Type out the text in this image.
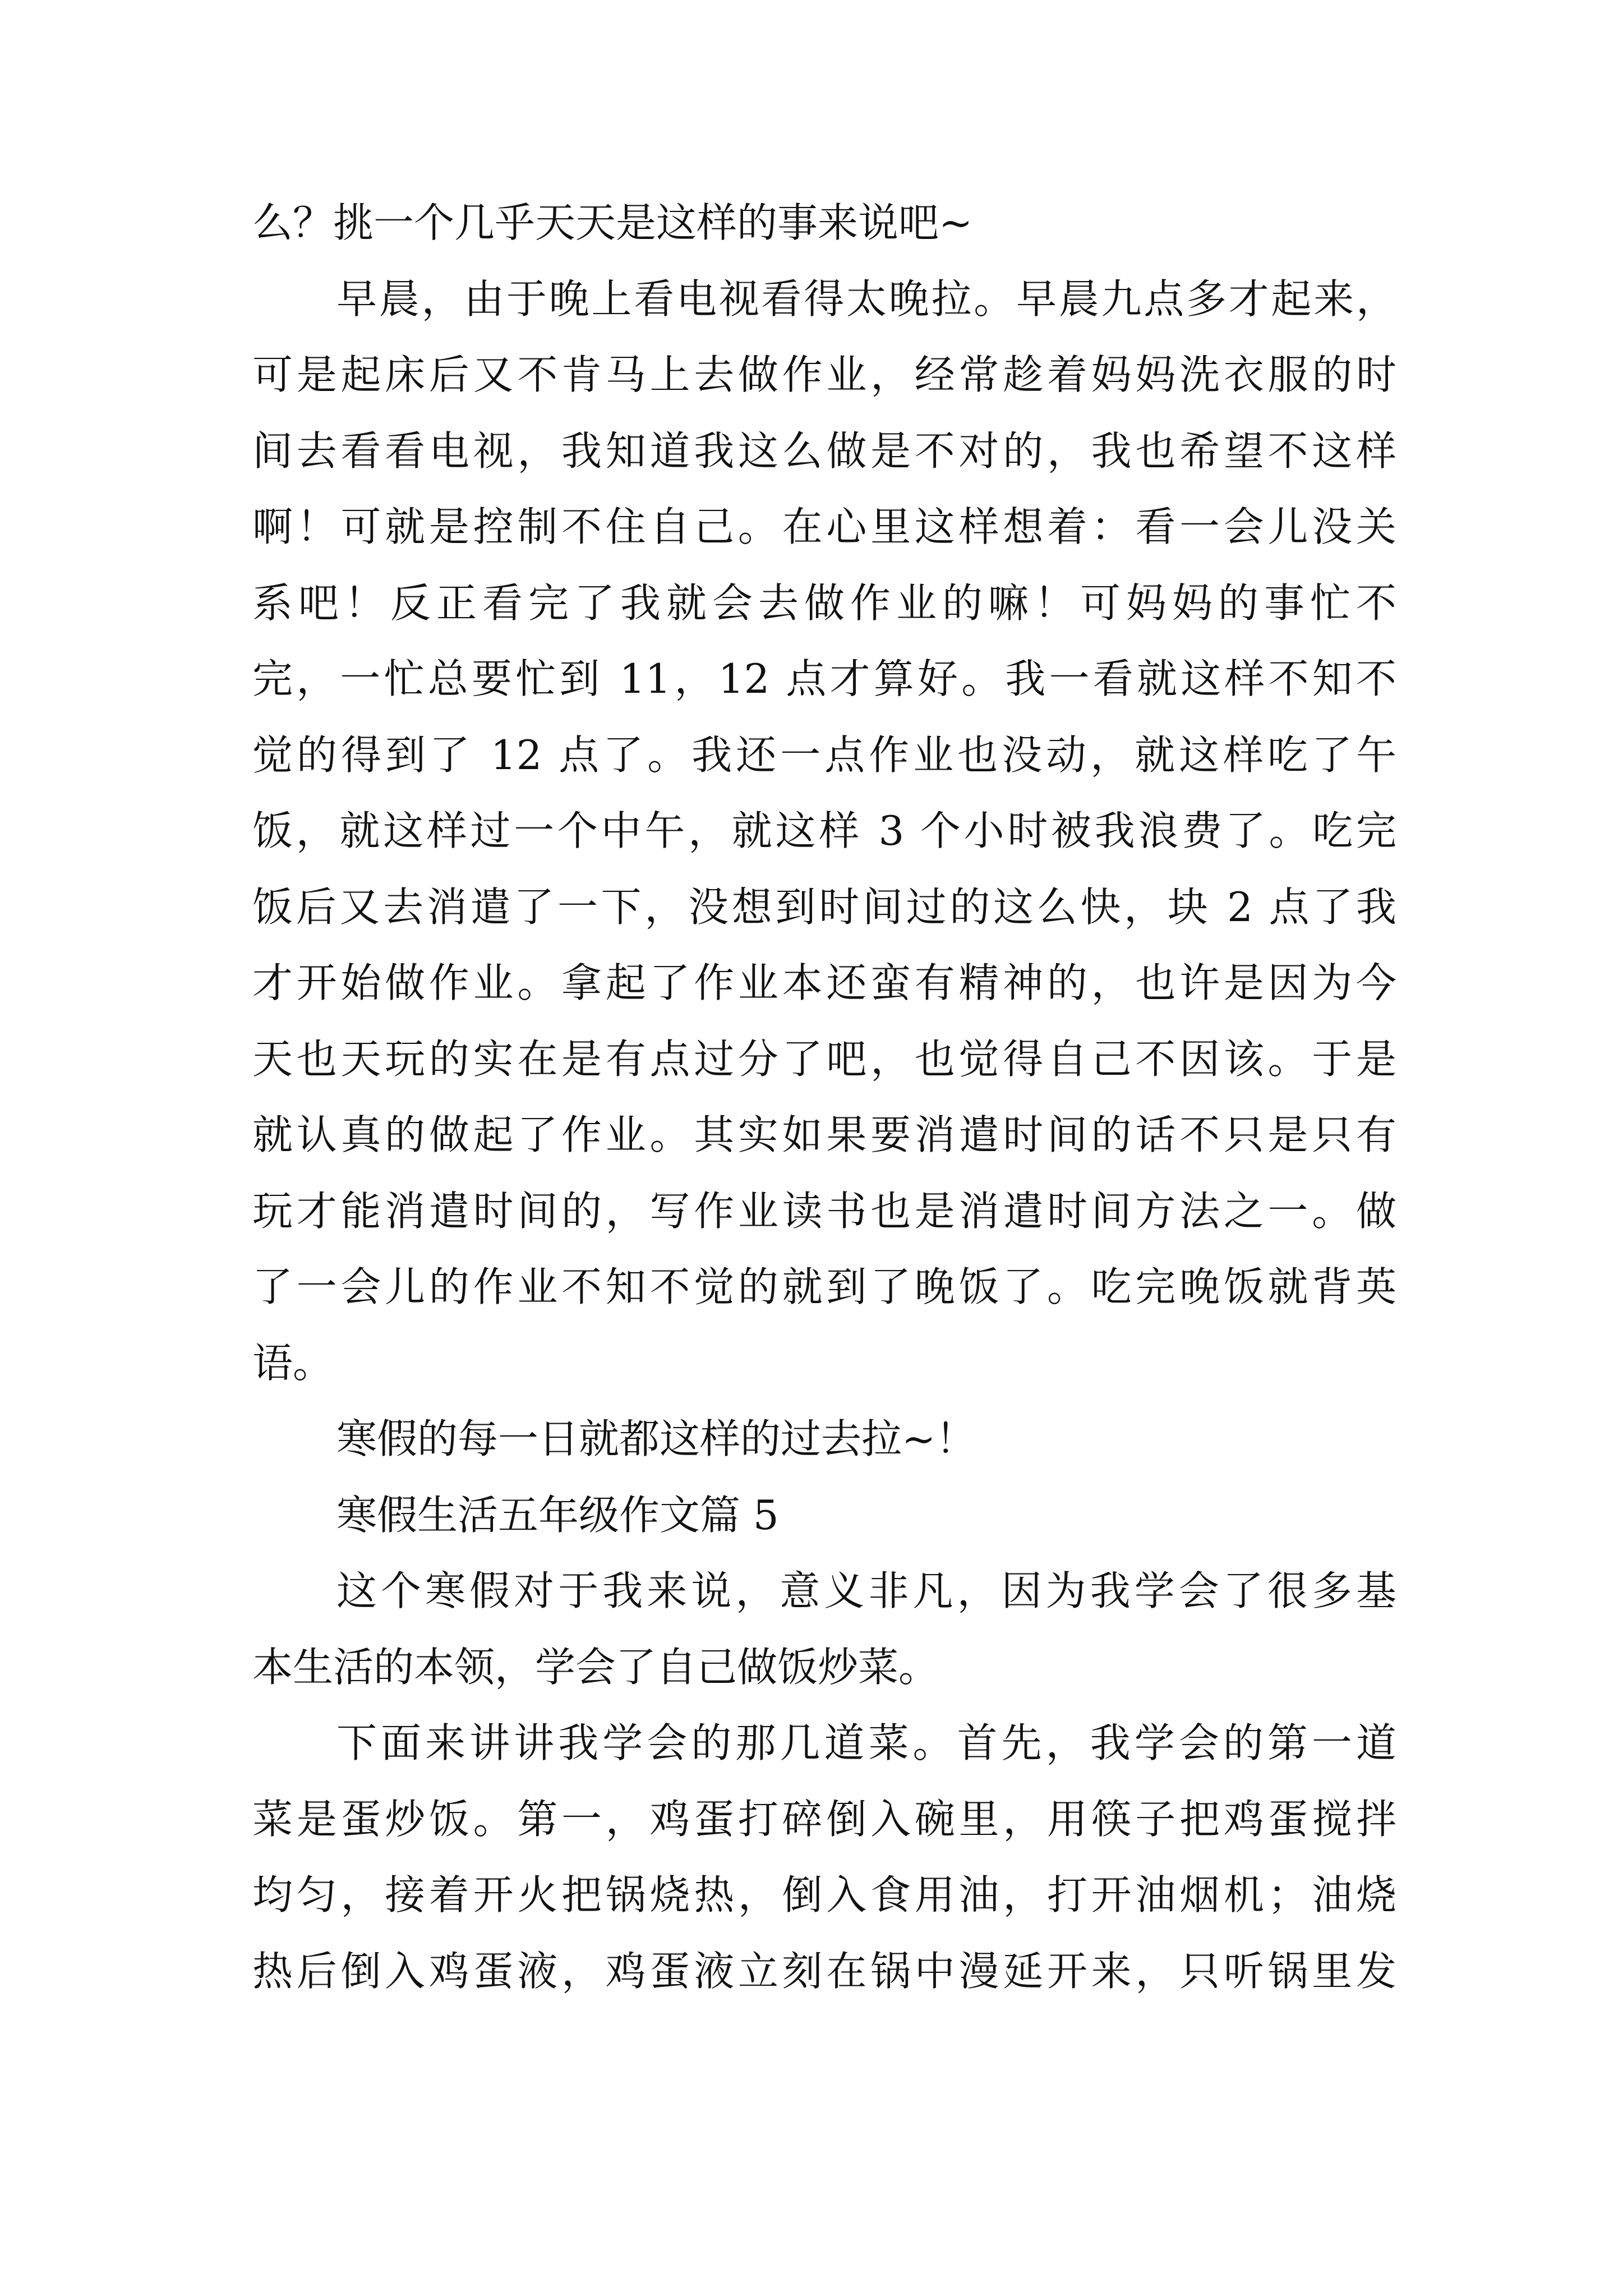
么？挑一个几乎天天是这样的事来说吧~
早晨，由于晚上看电视看得太晚拉。早晨九点多才起来，
可是起床后又不肯马上去做作业，经常趁着妈妈洗衣服的时
间去看看电视，我知道我这么做是不对的，我也希望不这样
啊！可就是控制不住自己。在心里这样想着：看一会儿没关
系吧！反正看完了我就会去做作业的嘛！可妈妈的事忙不
完，一忙总要忙到 11，12 点才算好。我一看就这样不知不
觉的得到了 12 点了。我还一点作业也没动，就这样吃了午
饭，就这样过一个中午，就这样 3 个小时被我浪费了。吃完
饭后又去消遣了一下，没想到时间过的这么快，块 2 点了我
才开始做作业。拿起了作业本还蛮有精神的，也许是因为今
天也天玩的实在是有点过分了吧，也觉得自己不因该。于是
就认真的做起了作业。其实如果要消遣时间的话不只是只有
玩才能消遣时间的，写作业读书也是消遣时间方法之一。做
了一会儿的作业不知不觉的就到了晚饭了。吃完晚饭就背英
语。
寒假的每一日就都这样的过去拉~！
寒假生活五年级作文篇 5
这个寒假对于我来说，意义非凡，因为我学会了很多基
本生活的本领，学会了自己做饭炒菜。
下面来讲讲我学会的那几道菜。首先，我学会的第一道
菜是蛋炒饭。第一，鸡蛋打碎倒入碗里，用筷子把鸡蛋搅拌
均匀，接着开火把锅烧热，倒入食用油，打开油烟机；油烧
热后倒入鸡蛋液，鸡蛋液立刻在锅中漫延开来，只听锅里发
